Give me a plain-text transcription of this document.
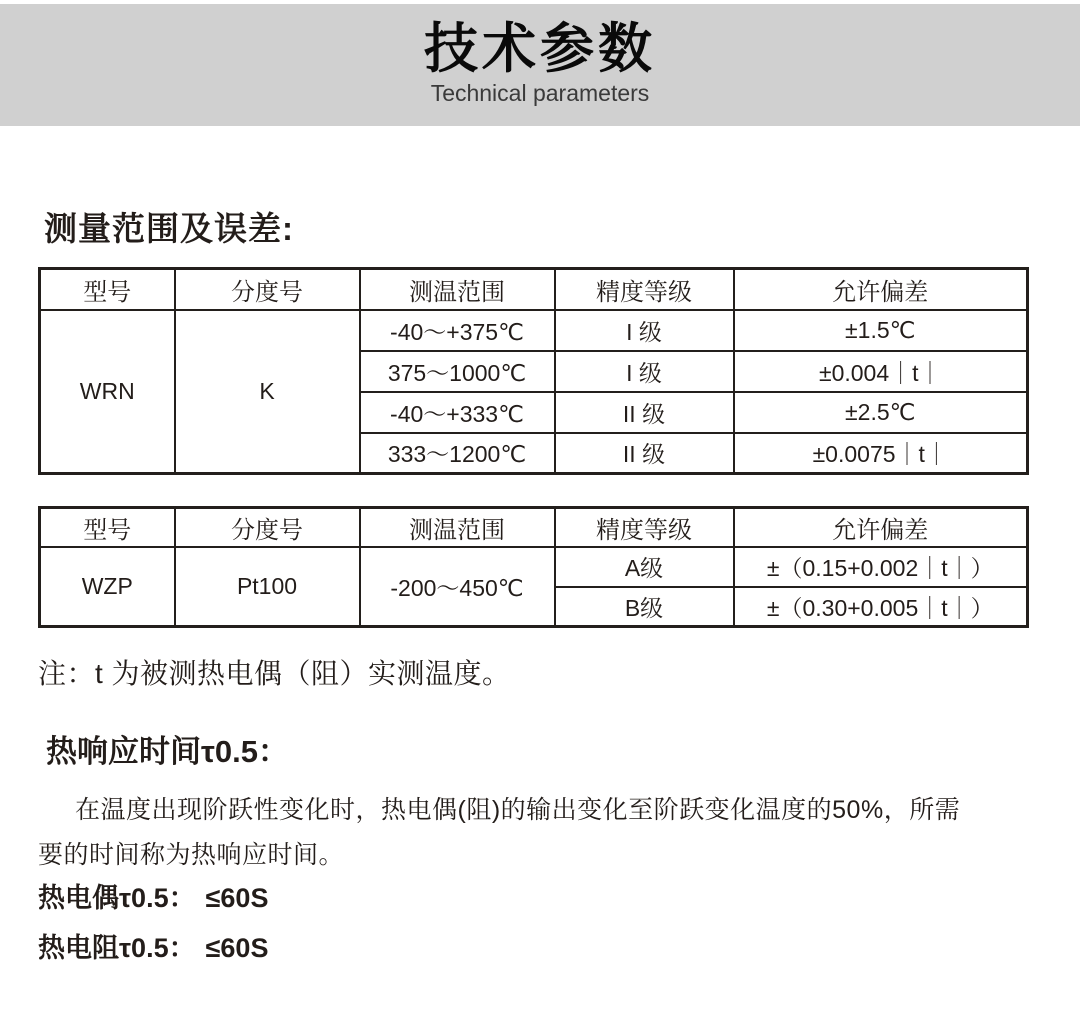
技术参数
Technical parameters
测量范围及误差:
型号	分度号	测温范围	精度等级	允许偏差

WRN	K	-40～+375℃	I 级	±1.5℃
		375～1000℃	I 级	±0.004｜t｜
		-40～+333℃	II 级	±2.5℃
		333～1200℃	II 级	±0.0075｜t｜
型号	分度号	测温范围	精度等级	允许偏差

WZP	Pt100	-200～450℃	A级	±（0.15+0.002｜t｜）
			B级	±（0.30+0.005｜t｜）
注：t 为被测热电偶（阻）实测温度。
热响应时间τ0.5：
在温度出现阶跃性变化时，热电偶(阻)的输出变化至阶跃变化温度的50%，所需要的时间称为热响应时间。
热电偶τ0.5： ≤60S
热电阻τ0.5： ≤60S
